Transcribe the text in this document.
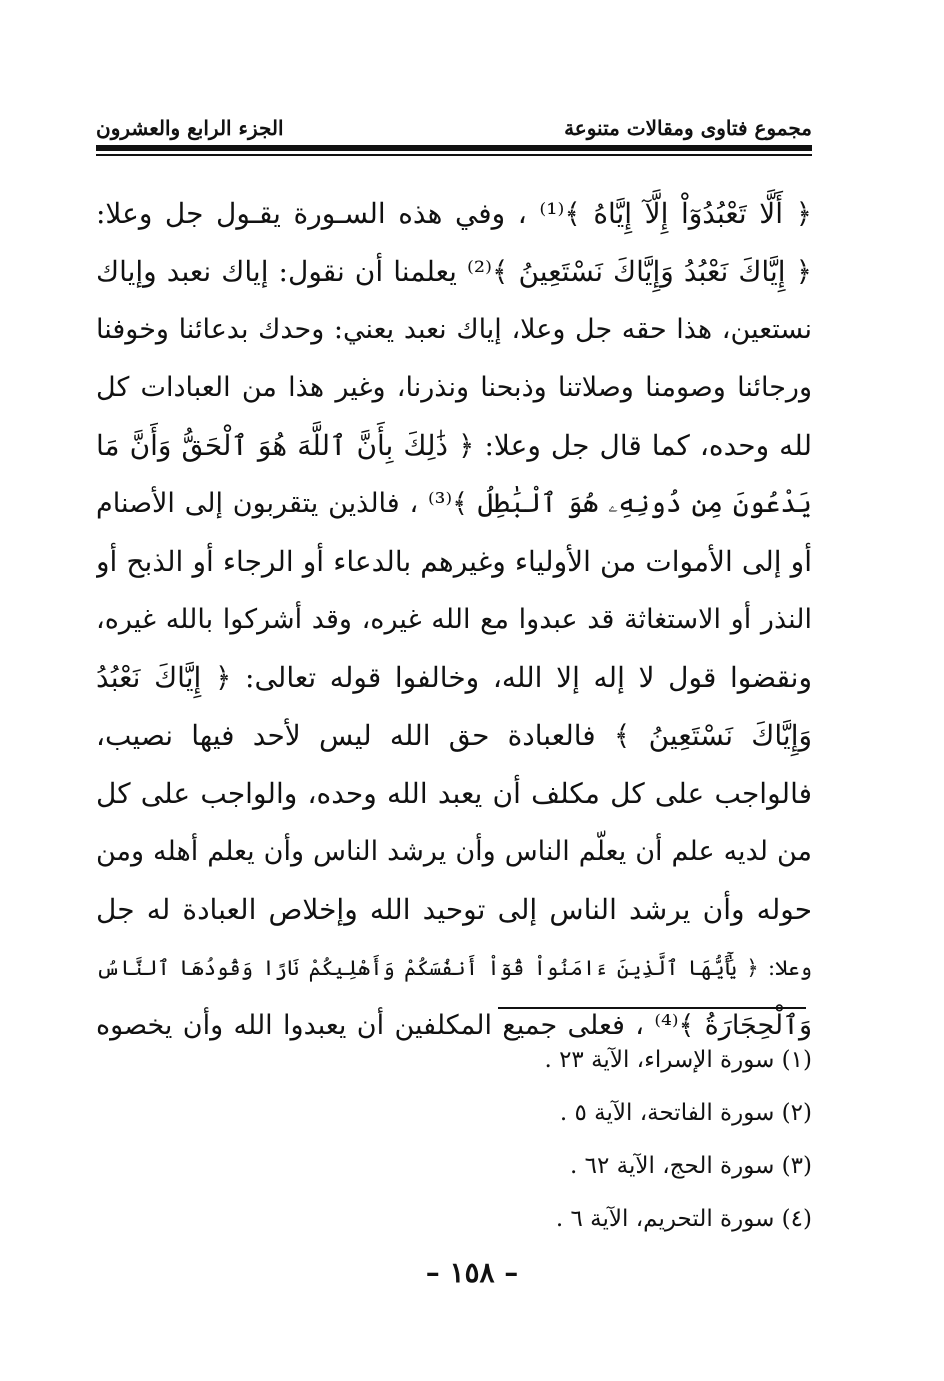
مجموع فتاوى ومقالات متنوعة
الجزء الرابع والعشرون
﴿ أَلَّا تَعْبُدُوٓاْ إِلَّآ إِيَّاهُ ﴾⁽¹⁾ ، وفي هذه السـورة يقـول جل وعلا:
﴿ إِيَّاكَ نَعْبُدُ وَإِيَّاكَ نَسْتَعِينُ ﴾⁽²⁾ يعلمنا أن نقول: إياك نعبد وإياك
نستعين، هذا حقه جل وعلا، إياك نعبد يعني: وحدك بدعائنا وخوفنا
ورجائنا وصومنا وصلاتنا وذبحنا ونذرنا، وغير هذا من العبادات كل
لله وحده، كما قال جل وعلا: ﴿ ذَٰلِكَ بِأَنَّ ٱللَّهَ هُوَ ٱلْحَقُّ وَأَنَّ مَا
يَدْعُونَ مِن دُونِهِۦ هُوَ ٱلْبَٰطِلُ ﴾⁽³⁾ ، فالذين يتقربون إلى الأصنام
أو إلى الأموات من الأولياء وغيرهم بالدعاء أو الرجاء أو الذبح أو
النذر أو الاستغاثة قد عبدوا مع الله غيره، وقد أشركوا بالله غيره،
ونقضوا قول لا إله إلا الله، وخالفوا قوله تعالى: ﴿ إِيَّاكَ نَعْبُدُ
وَإِيَّاكَ نَسْتَعِينُ ﴾ فالعبادة حق الله ليس لأحد فيها نصيب،
فالواجب على كل مكلف أن يعبد الله وحده، والواجب على كل
من لديه علم أن يعلّم الناس وأن يرشد الناس وأن يعلم أهله ومن
حوله وأن يرشد الناس إلى توحيد الله وإخلاص العبادة له جل
وعلا: ﴿ يَٰٓأَيُّهَا ٱلَّذِينَ ءَامَنُواْ قُوٓاْ أَنفُسَكُمْ وَأَهْلِيكُمْ نَارًا وَقُودُهَا ٱلنَّاسُ
وَٱلْحِجَارَةُ ﴾⁽⁴⁾ ، فعلى جميع المكلفين أن يعبدوا الله وأن يخصوه
(١) سورة الإسراء، الآية ٢٣ .
(٢) سورة الفاتحة، الآية ٥ .
(٣) سورة الحج، الآية ٦٢ .
(٤) سورة التحريم، الآية ٦ .
– ١٥٨ –
